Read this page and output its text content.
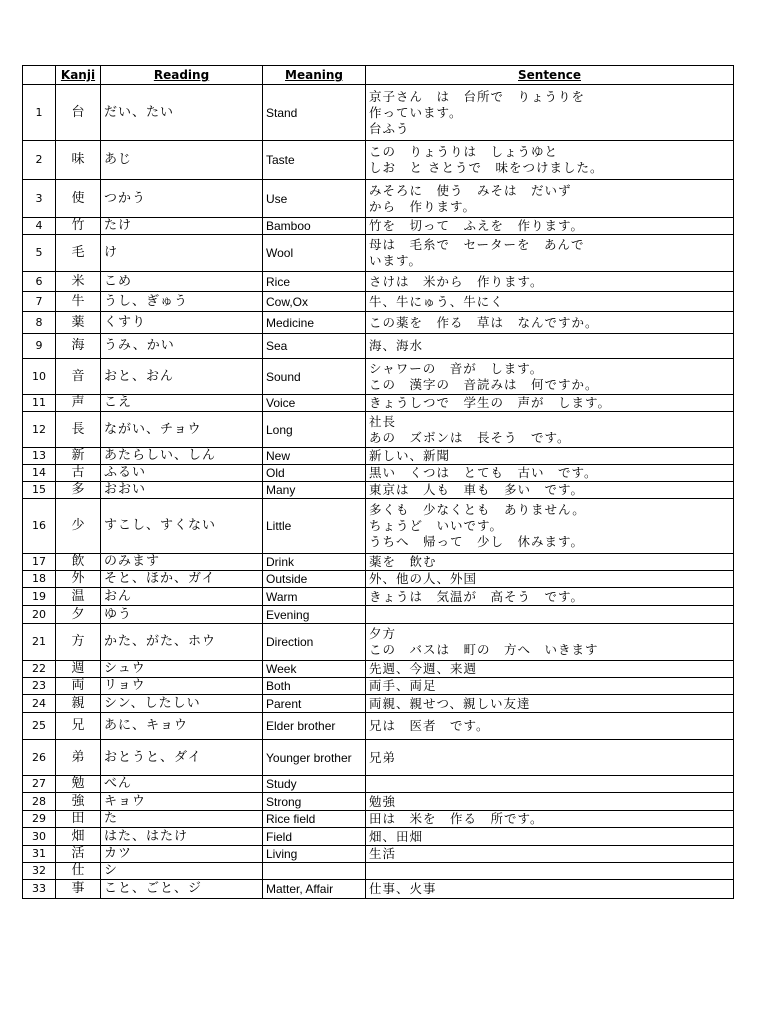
	Kanji	Reading	Meaning	Sentence
1	台	だい、たい	Stand	京子さん　は　台所で　りょうりを
作っています。
台ふう

2	味	あじ	Taste	この　りょうりは　しょうゆと
しお　と さとうで　味をつけました。

3	使	つかう	Use	みそろに　使う　みそは　だいず
から　作ります。

4	竹	たけ	Bamboo	竹を　切って　ふえを　作ります。

5	毛	け	Wool	母は　毛糸で　セーターを　あんで
います。

6	米	こめ	Rice	さけは　米から　作ります。

7	牛	うし、ぎゅう	Cow,Ox	牛、牛にゅう、牛にく

8	薬	くすり	Medicine	この薬を　作る　草は　なんですか。

9	海	うみ、かい	Sea	海、海水

10	音	おと、おん	Sound	シャワーの　音が　します。
この　漢字の　音読みは　何ですか。

11	声	こえ	Voice	きょうしつで　学生の　声が　します。

12	長	ながい、チョウ	Long	社長
あの　ズボンは　長そう　です。

13	新	あたらしい、しん	New	新しい、新聞

14	古	ふるい	Old	黒い　くつは　とても　古い　です。

15	多	おおい	Many	東京は　人も　車も　多い　です。

16	少	すこし、すくない	Little	多くも　少なくとも　ありません。
ちょうど　いいです。
うちへ　帰って　少し　休みます。

17	飲	のみます	Drink	薬を　飲む

18	外	そと、ほか、ガイ	Outside	外、他の人、外国

19	温	おん	Warm	きょうは　気温が　高そう　です。

20	夕	ゆう	Evening	
21	方	かた、がた、ホウ	Direction	夕方
この　バスは　町の　方へ　いきます

22	週	シュウ	Week	先週、今週、来週

23	両	リョウ	Both	両手、両足

24	親	シン、したしい	Parent	両親、親せつ、親しい友達

25	兄	あに、キョウ	Elder brother	兄は　医者　です。

26	弟	おとうと、ダイ	Younger brother	兄弟

27	勉	べん	Study	
28	強	キョウ	Strong	勉強

29	田	た	Rice field	田は　米を　作る　所です。

30	畑	はた、はたけ	Field	畑、田畑

31	活	カツ	Living	生活

32	仕	シ		
33	事	こと、ごと、ジ	Matter, Affair	仕事、火事
